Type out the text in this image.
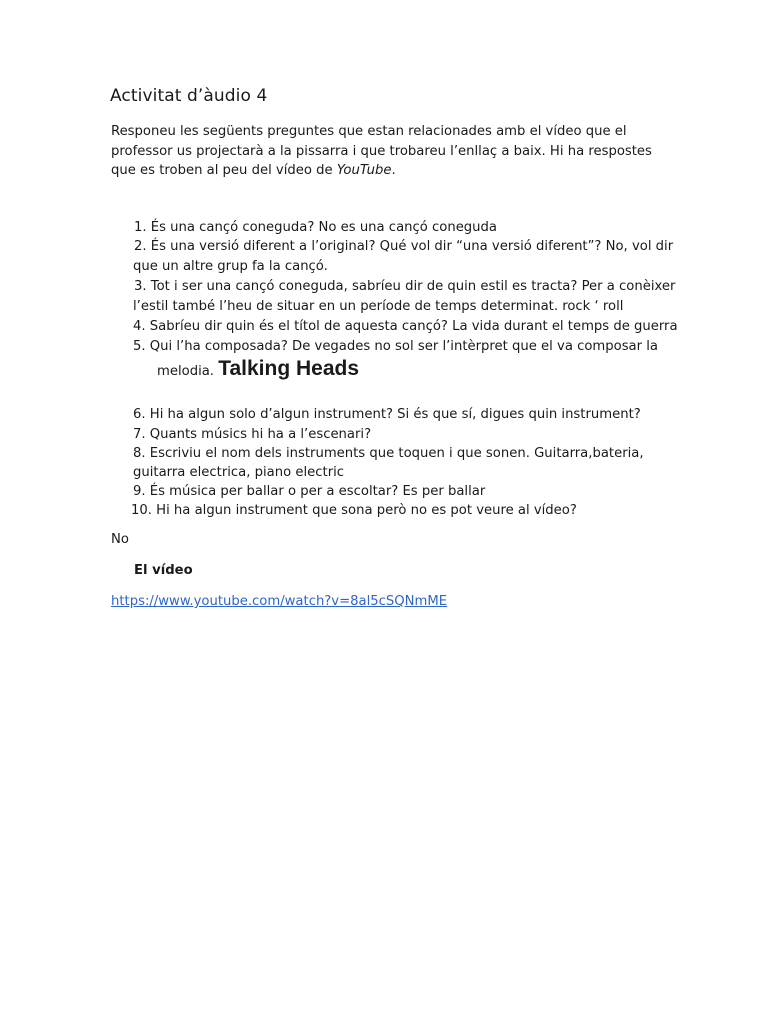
Activitat d’àudio 4

Responeu les següents preguntes que estan relacionades amb el vídeo que el professor us projectarà a la pissarra i que trobareu l’enllaç a baix. Hi ha respostes que es troben al peu del vídeo de YouTube.

1. És una cançó coneguda? No es una cançó coneguda

2. És una versió diferent a l’original? Qué vol dir “una versió diferent”? No, vol dir

que un altre grup fa la cançó.

3. Tot i ser una cançó coneguda, sabríeu dir de quin estil es tracta? Per a conèixer

l’estil també l’heu de situar en un període de temps determinat. rock ‘ roll

4. Sabríeu dir quin és el títol de aquesta cançó? La vida durant el temps de guerra

5. Qui l’ha composada? De vegades no sol ser l’intèrpret que el va composar la

melodia. Talking Heads

6. Hi ha algun solo d’algun instrument? Si és que sí, digues quin instrument?

7. Quants músics hi ha a l’escenari?

8. Escriviu el nom dels instruments que toquen i que sonen. Guitarra,bateria,

guitarra electrica, piano electric

9. És música per ballar o per a escoltar? Es per ballar

10. Hi ha algun instrument que sona però no es pot veure al vídeo?

No
El vídeo
https://www.youtube.com/watch?v=8al5cSQNmME
